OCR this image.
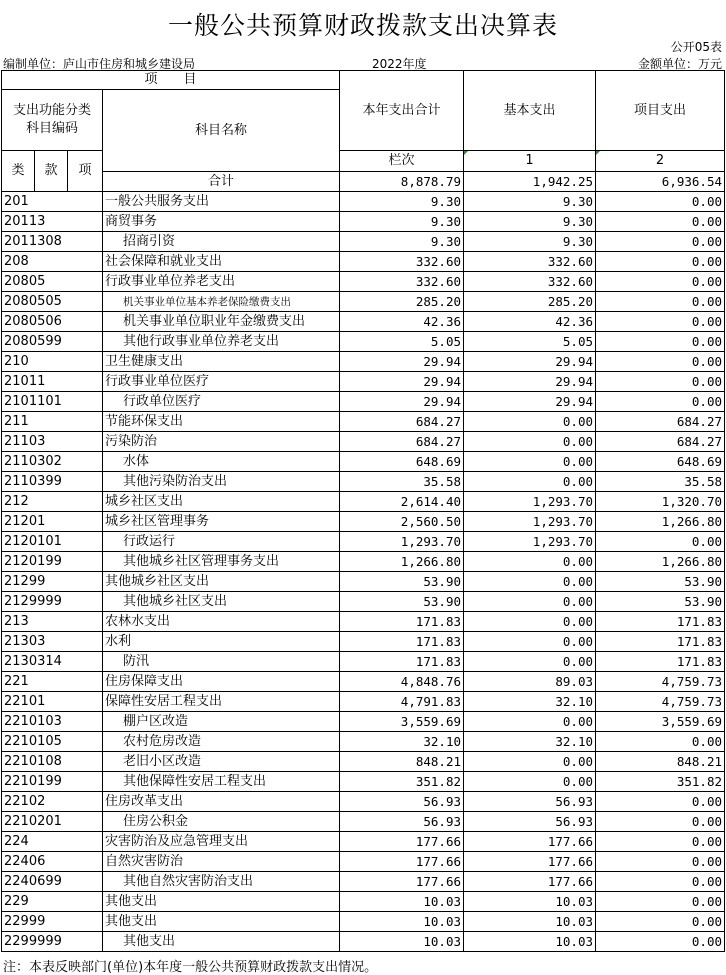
一般公共预算财政拨款支出决算表
公开05表
编制单位：庐山市住房和城乡建设局	2022年度	金额单位：万元
项　　目				本年支出合计	基本支出	项目支出	
支出功能分类
科目编码			科目名称				
类	款	项		栏次	1	2	
			合计	8,878.79	1,942.25	6,936.54	
201			一般公共服务支出	9.30	9.30	0.00	
20113			商贸事务	9.30	9.30	0.00	
2011308			招商引资	9.30	9.30	0.00	
208			社会保障和就业支出	332.60	332.60	0.00	
20805			行政事业单位养老支出	332.60	332.60	0.00	
2080505			机关事业单位基本养老保险缴费支出	285.20	285.20	0.00	
2080506			机关事业单位职业年金缴费支出	42.36	42.36	0.00	
2080599			其他行政事业单位养老支出	5.05	5.05	0.00	
210			卫生健康支出	29.94	29.94	0.00	
21011			行政事业单位医疗	29.94	29.94	0.00	
2101101			行政单位医疗	29.94	29.94	0.00	
211			节能环保支出	684.27	0.00	684.27	
21103			污染防治	684.27	0.00	684.27	
2110302			水体	648.69	0.00	648.69	
2110399			其他污染防治支出	35.58	0.00	35.58	
212			城乡社区支出	2,614.40	1,293.70	1,320.70	
21201			城乡社区管理事务	2,560.50	1,293.70	1,266.80	
2120101			行政运行	1,293.70	1,293.70	0.00	
2120199			其他城乡社区管理事务支出	1,266.80	0.00	1,266.80	
21299			其他城乡社区支出	53.90	0.00	53.90	
2129999			其他城乡社区支出	53.90	0.00	53.90	
213			农林水支出	171.83	0.00	171.83	
21303			水利	171.83	0.00	171.83	
2130314			防汛	171.83	0.00	171.83	
221			住房保障支出	4,848.76	89.03	4,759.73	
22101			保障性安居工程支出	4,791.83	32.10	4,759.73	
2210103			棚户区改造	3,559.69	0.00	3,559.69	
2210105			农村危房改造	32.10	32.10	0.00	
2210108			老旧小区改造	848.21	0.00	848.21	
2210199			其他保障性安居工程支出	351.82	0.00	351.82	
22102			住房改革支出	56.93	56.93	0.00	
2210201			住房公积金	56.93	56.93	0.00	
224			灾害防治及应急管理支出	177.66	177.66	0.00	
22406			自然灾害防治	177.66	177.66	0.00	
2240699			其他自然灾害防治支出	177.66	177.66	0.00	
229			其他支出	10.03	10.03	0.00	
22999			其他支出	10.03	10.03	0.00	
2299999			其他支出	10.03	10.03	0.00	
注：本表反映部门(单位)本年度一般公共预算财政拨款支出情况。
